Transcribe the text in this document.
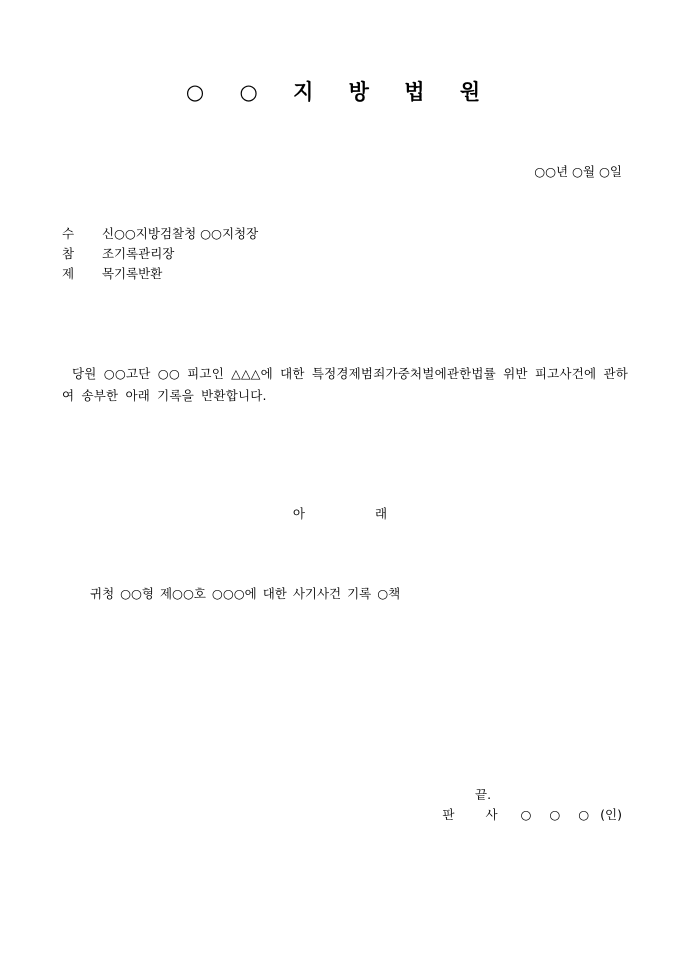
○ ○ 지 방 법 원
○○년 ○월 ○일
수 신 ○○지방검찰청 ○○지청장
참 조 기록관리장
제 목 기록반환
당원 ○○고단 ○○ 피고인 △△△에 대한 특정경제범죄가중처벌에관한법률 위반 피고사건에 관하여 송부한 아래 기록을 반환합니다.
아	래
귀청 ○○형 제○○호 ○○○에 대한 사기사건 기록 ○책
끝.
판 사 ○ ○ ○ (인)
